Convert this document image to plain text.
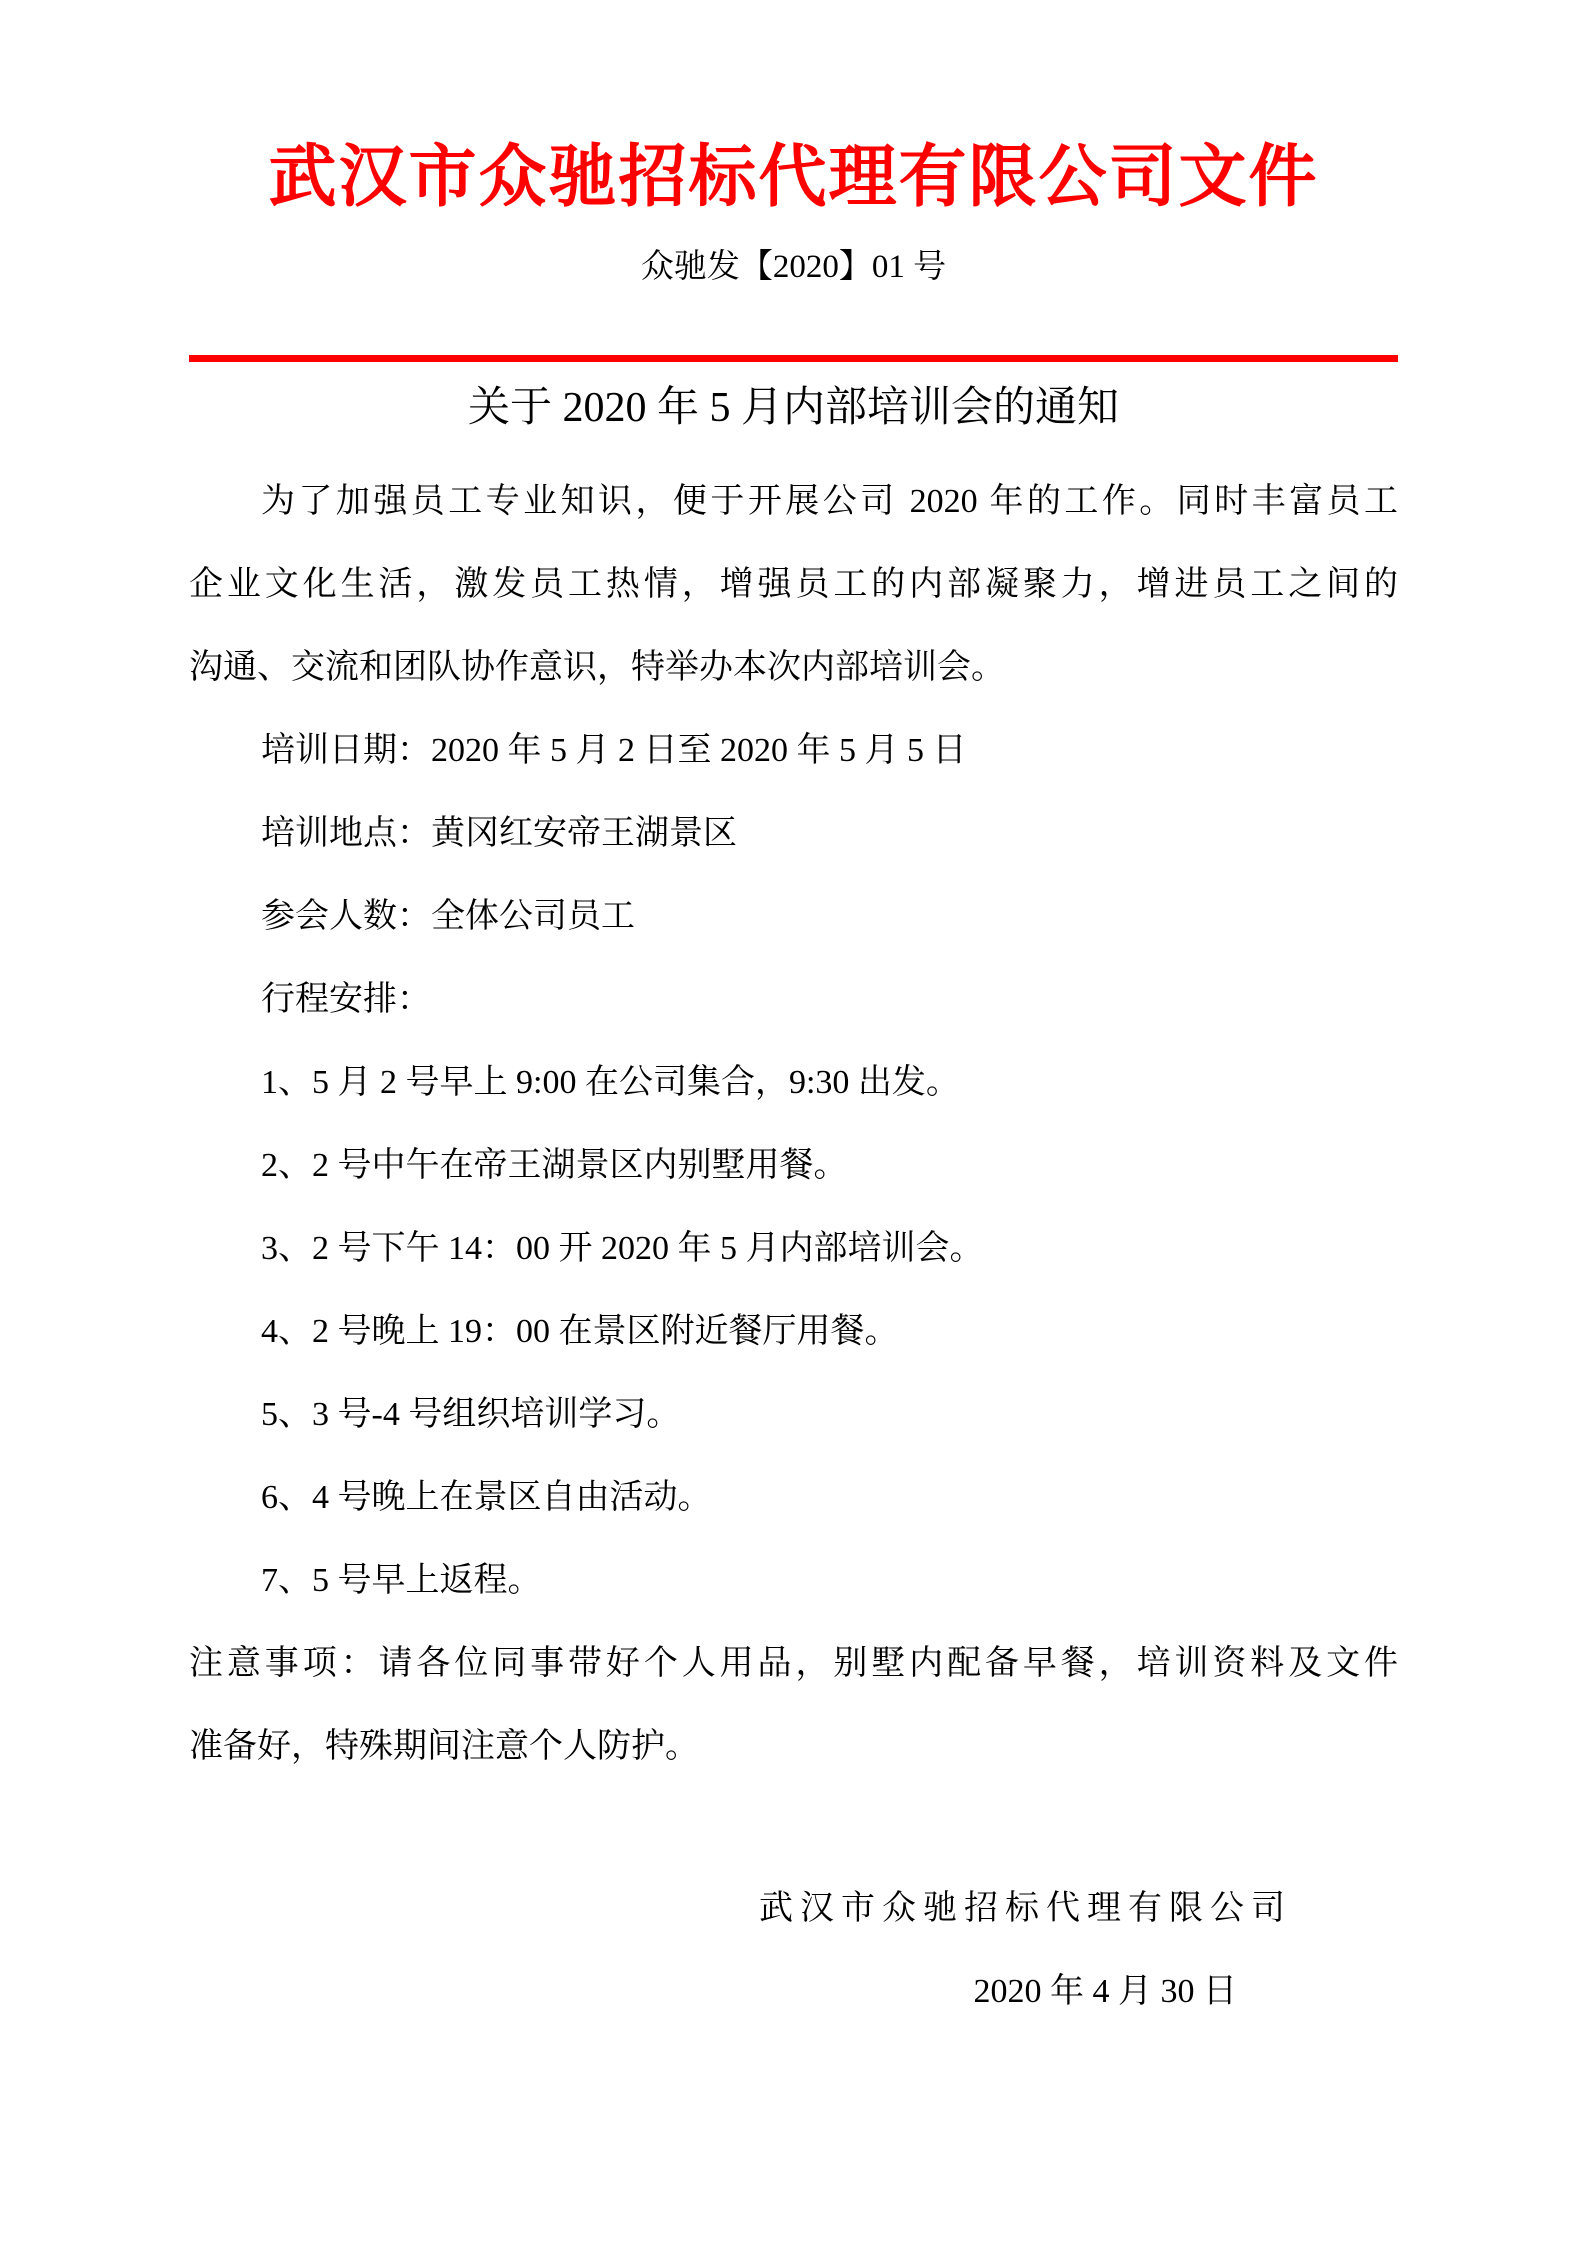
武汉市众驰招标代理有限公司文件
众驰发【2020】01 号
关于 2020 年 5 月内部培训会的通知
为了加强员工专业知识，便于开展公司 2020 年的工作。同时丰富员工
企业文化生活，激发员工热情，增强员工的内部凝聚力，增进员工之间的
沟通、交流和团队协作意识，特举办本次内部培训会。
培训日期：2020 年 5 月 2 日至 2020 年 5 月 5 日
培训地点：黄冈红安帝王湖景区
参会人数：全体公司员工
行程安排：
1、5 月 2 号早上 9:00 在公司集合，9:30 出发。
2、2 号中午在帝王湖景区内别墅用餐。
3、2 号下午 14：00 开 2020 年 5 月内部培训会。
4、2 号晚上 19：00 在景区附近餐厅用餐。
5、3 号-4 号组织培训学习。
6、4 号晚上在景区自由活动。
7、5 号早上返程。
注意事项：请各位同事带好个人用品，别墅内配备早餐，培训资料及文件
准备好，特殊期间注意个人防护。
武汉市众驰招标代理有限公司
2020 年 4 月 30 日
